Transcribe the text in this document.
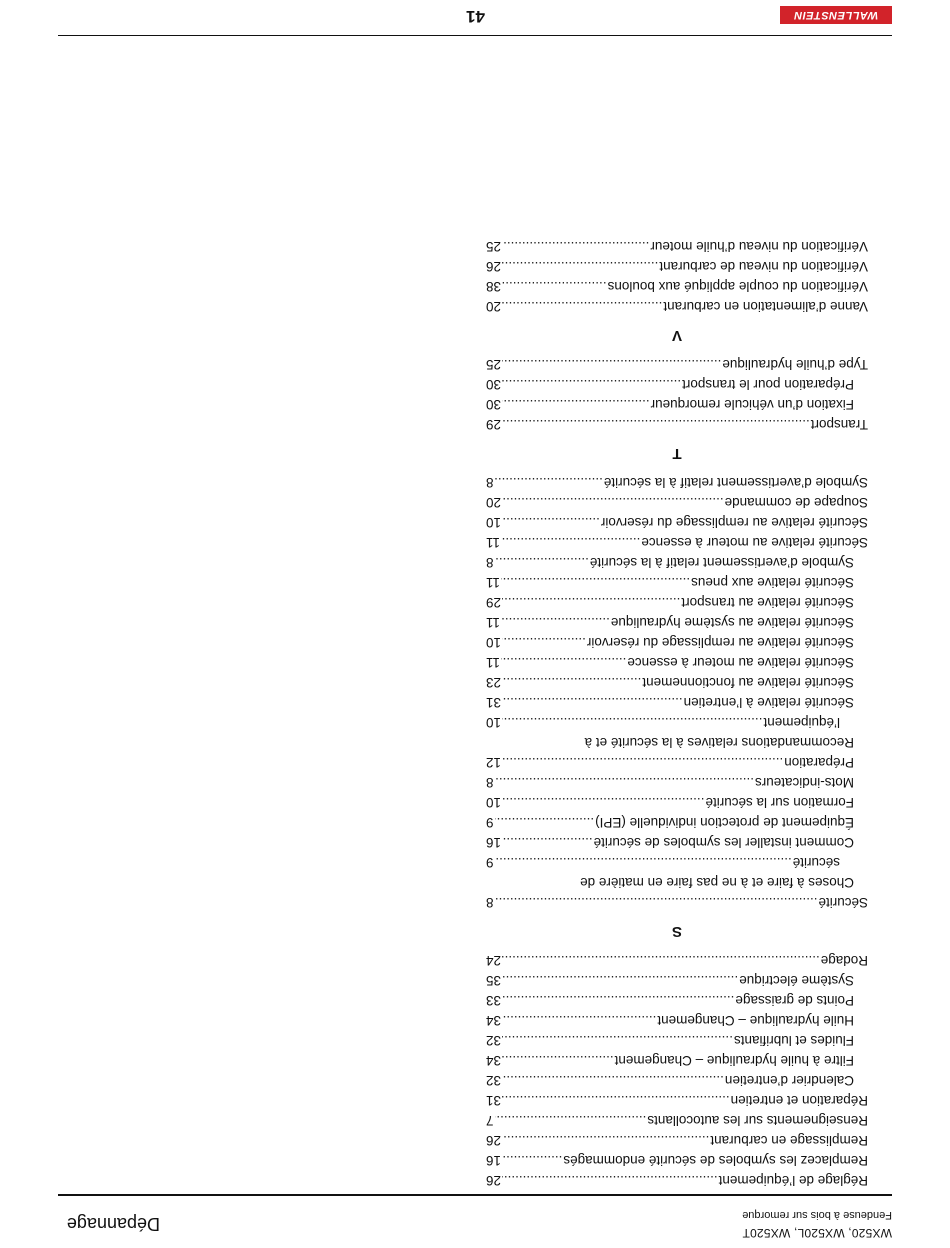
WX520, WX520L, WX520T
Fendeuse à bois sur remorque
Dépannage
Réglage de l’équipement
.....
26
Remplacez les symboles de sécurité endommagés
.....
16
Remplissage en carburant
.....
26
Renseignements sur les autocollants
.....
7
Réparation et entretien
.....
31
Calendrier d’entretien
.....
32
Filtre à huile hydraulique – Changement
.....
34
Fluides et lubrifiants
.....
32
Huile hydraulique – Changement
.....
34
Points de graissage
.....
33
Système électrique
.....
35
Rodage
.....
24
S
Sécurité
.....
8
Choses à faire et à ne pas faire en matière de
sécurité
.....
9
Comment installer les symboles de sécurité
.....
16
Équipement de protection individuelle (EPI)
.....
9
Formation sur la sécurité
.....
10
Mots-indicateurs
.....
8
Préparation
.....
12
Recommandations relatives à la sécurité et à
l’équipement
.....
10
Sécurité relative à l’entretien
.....
31
Sécurité relative au fonctionnement
.....
23
Sécurité relative au moteur à essence
.....
11
Sécurité relative au remplissage du réservoir
.....
10
Sécurité relative au système hydraulique
.....
11
Sécurité relative au transport
.....
29
Sécurité relative aux pneus
.....
11
Symbole d’avertissement relatif à la sécurité
.....
8
Sécurité relative au moteur à essence
.....
11
Sécurité relative au remplissage du réservoir
.....
10
Soupape de commande
.....
20
Symbole d’avertissement relatif à la sécurité
.....
8
T
Transport
.....
29
Fixation d’un véhicule remorqueur
.....
30
Préparation pour le transport
.....
30
Type d’huile hydraulique
.....
25
V
Vanne d’alimentation en carburant
.....
20
Vérification du couple appliqué aux boulons
.....
38
Vérification du niveau de carburant
.....
26
Vérification du niveau d’huile moteur
.....
25
WALLENSTEIN
41
